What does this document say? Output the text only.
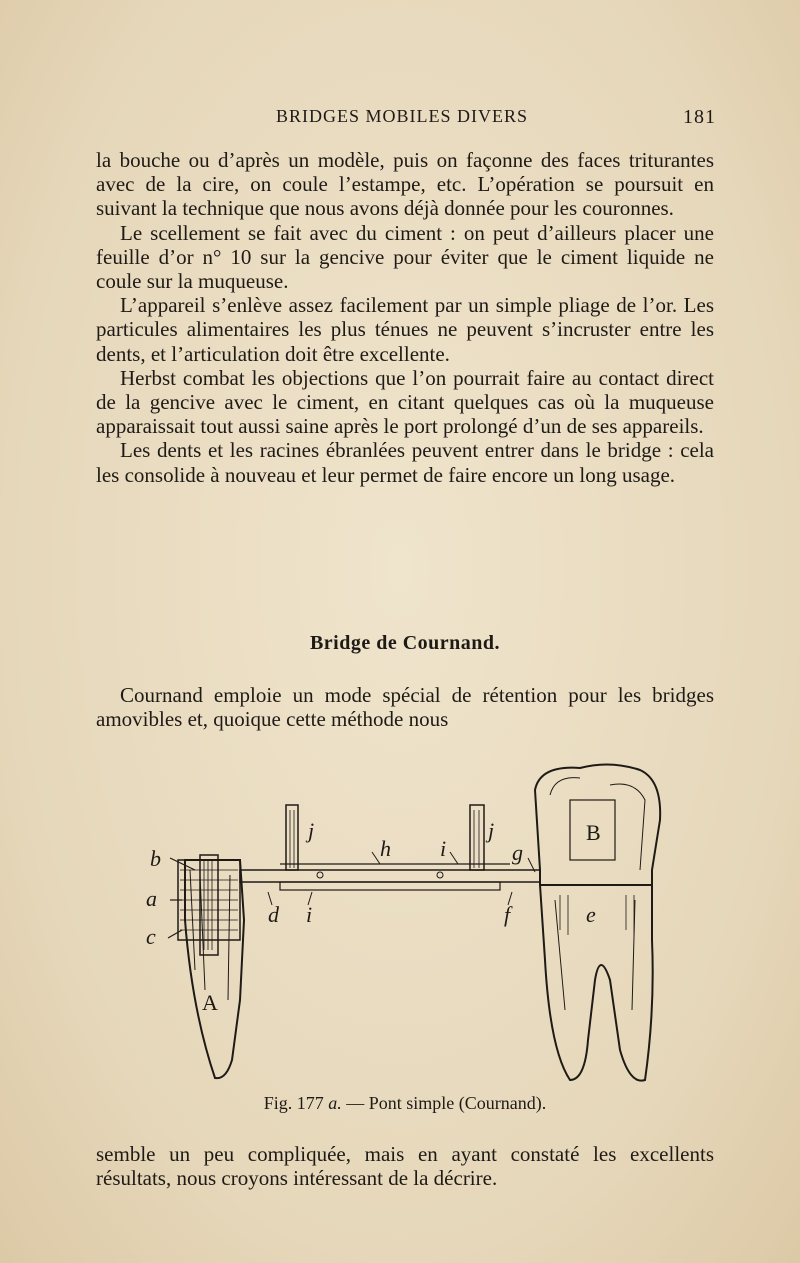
BRIDGES MOBILES DIVERS	181

la bouche ou d’après un modèle, puis on façonne des faces triturantes avec de la cire, on coule l’estampe, etc. L’opération se poursuit en suivant la technique que nous avons déjà donnée pour les couronnes.

Le scellement se fait avec du ciment : on peut d’ailleurs placer une feuille d’or n° 10 sur la gencive pour éviter que le ciment liquide ne coule sur la muqueuse.

L’appareil s’enlève assez facilement par un simple pliage de l’or. Les particules alimentaires les plus ténues ne peuvent s’incruster entre les dents, et l’articulation doit être excellente.

Herbst combat les objections que l’on pourrait faire au contact direct de la gencive avec le ciment, en citant quelques cas où la muqueuse apparaissait tout aussi saine après le port prolongé d’un de ses appareils.

Les dents et les racines ébranlées peuvent entrer dans le bridge : cela les consolide à nouveau et leur permet de faire encore un long usage.

Bridge de Cournand.

Cournand emploie un mode spécial de rétention pour les bridges amovibles et, quoique cette méthode nous

b
a
c
A
j
h i
j
g
d i	f	e
B
Fig. 177 a. — Pont simple (Cournand).

semble un peu compliquée, mais en ayant constaté les excellents résultats, nous croyons intéressant de la décrire.
